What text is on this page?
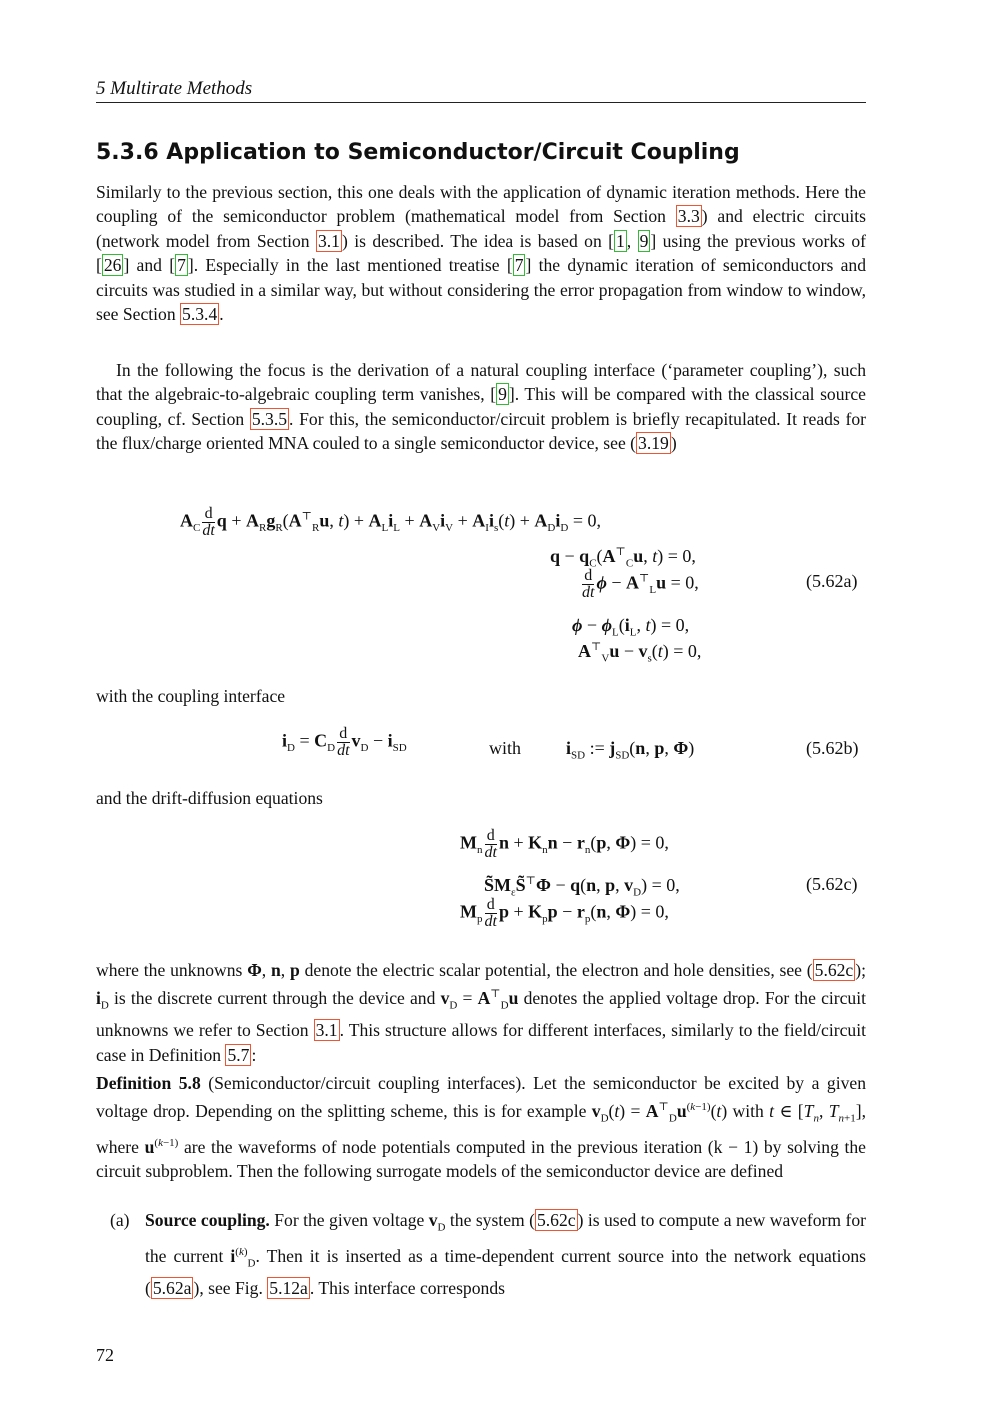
5 Multirate Methods
5.3.6 Application to Semiconductor/Circuit Coupling
Similarly to the previous section, this one deals with the application of dynamic iteration methods. Here the coupling of the semiconductor problem (mathematical model from Section 3.3 ) and electric circuits (network model from Section 3.1 ) is described. The idea is based on [ 1 , 9 ] using the previous works of [ 26 ] and [ 7 ]. Especially in the last mentioned treatise [ 7 ] the dynamic iteration of semiconductors and circuits was studied in a similar way, but without considering the error propagation from window to window, see Section 5.3.4 .
In the following the focus is the derivation of a natural coupling interface (‘parameter coupling’), such that the algebraic-to-algebraic coupling term vanishes, [ 9 ]. This will be compared with the classical source coupling, cf. Section 5.3.5 . For this, the semiconductor/circuit problem is briefly recapitulated. It reads for the flux/charge oriented MNA couled to a single semiconductor device, see ( 3.19 )
$A_C \frac{d}{dt}$ $q + A_Rg_R(A^⊤_Ru$, $t) + A_Li_L + A_Vi_V + A_Ii_s(t) + A_Di_D = 0$,
$q - q_C(A^⊤_Cu$, t) = 0,
$\frac{d}{dt}$ $\phi - A^⊤_Lu = 0$,
$\phi - \phi_L(i_L$, t) = 0,
$A^⊤_Vu - v_s(t) = 0$,
(5.62a)
with the coupling interface
$i_D = C_D \frac{d}{dt} v_D - i_{SD}$	with $i_{SD}$ := $j_{SD}(n$, p, Φ)	(5.62b)
and the drift-diffusion equations
$M_n \frac{d}{dt}$ $n + K_nn - r_n(p$, Φ) = 0,
$S̃M_\varepsilon S̃^⊤\Phi - q(n$, p, $v_D) = 0$,
$M_p \frac{d}{dt}$ $p + K_pp - r_p(n$, Φ) = 0,
(5.62c)
where the unknowns Φ, n, p denote the electric scalar potential, the electron and hole densities, see ( 5.62c ); $i_D$ is the discrete current through the device and $v_D = A^⊤_Du$ denotes the applied voltage drop. For the circuit unknowns we refer to Section 3.1 . This structure allows for different interfaces, similarly to the field/circuit case in Definition 5.7 :
Definition 5.8 (Semiconductor/circuit coupling interfaces). Let the semiconductor be excited by a given voltage drop. Depending on the splitting scheme, this is for example $v_D(t) = A^⊤_Du^{(k-1)}(t)$ with t ∈ [$T_n$, $T_{n+1}$], where $u^{(k-1)}$ are the waveforms of node potentials computed in the previous iteration (k − 1) by solving the circuit subproblem. Then the following surrogate models of the semiconductor device are defined
(a) Source coupling. For the given voltage $v_D$ the system ( 5.62c ) is used to compute a new waveform for the current $i^{(k)}_D$. Then it is inserted as a time-dependent current source into the network equations ( 5.62a ), see Fig. 5.12a . This interface corresponds
72
